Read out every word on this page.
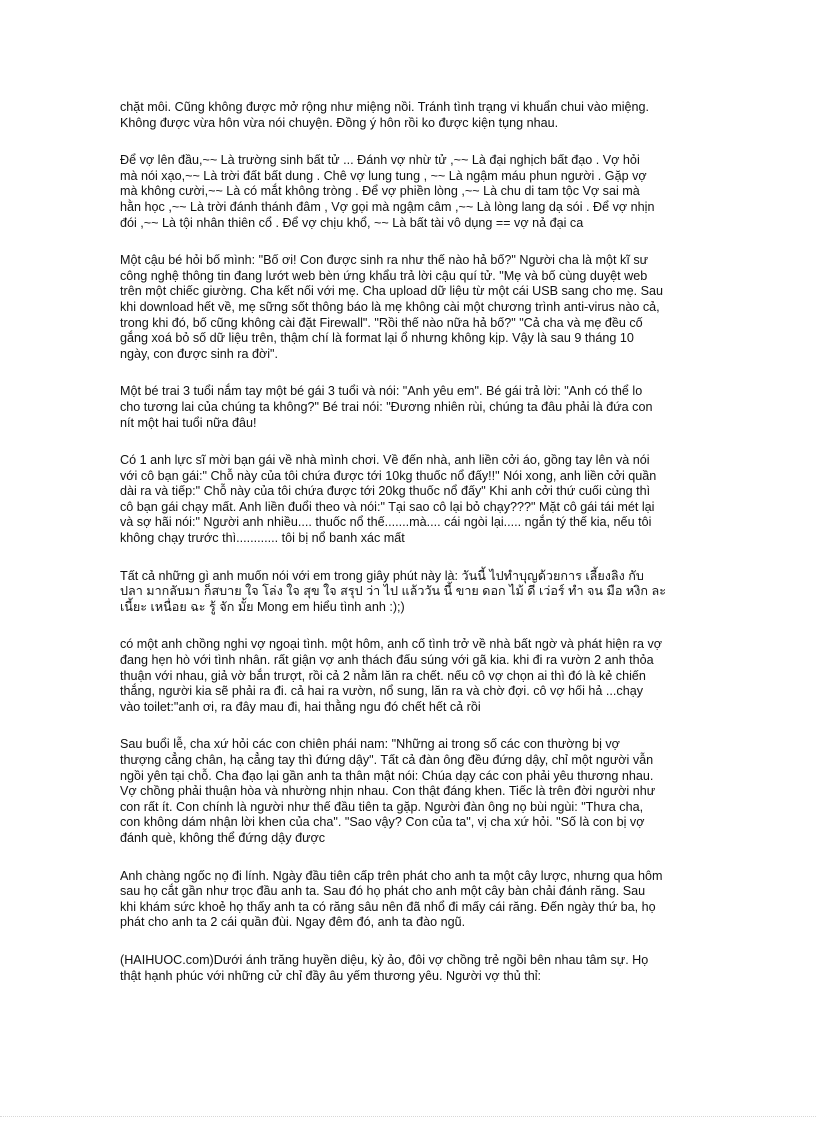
chặt môi. Cũng không được mở rộng như miệng nồi. Tránh tình trạng vi khuẩn chui vào miệng.
Không được vừa hôn vừa nói chuyện. Đồng ý hôn rồi ko được kiện tụng nhau.

Để vợ lên đầu,~~ Là trường sinh bất tử ... Đánh vợ nhừ tử ,~~ Là đại nghịch bất đạo . Vợ hỏi
mà nói xạo,~~ Là trời đất bất dung . Chê vợ lung tung , ~~ Là ngậm máu phun người . Gặp vợ
mà không cười,~~ Là có mắt không tròng . Để vợ phiền lòng ,~~ Là chu di tam tộc Vợ sai mà
hằn học ,~~ Là trời đánh thánh đâm , Vợ gọi mà ngậm câm ,~~ Là lòng lang dạ sói . Để vợ nhịn
đói ,~~ Là tội nhân thiên cổ . Để vợ chịu khổ, ~~ Là bất tài vô dụng == vợ nả đại ca

Một cậu bé hỏi bố mình: "Bố ơi! Con được sinh ra như thế nào hả bố?" Người cha là một kĩ sư
công nghệ thông tin đang lướt web bèn ứng khẩu trả lời cậu quí tử. "Mẹ và bố cùng duyệt web
trên một chiếc giường. Cha kết nối với mẹ. Cha upload dữ liệu từ một cái USB sang cho mẹ. Sau
khi download hết về, mẹ sững sốt thông báo là mẹ không cài một chương trình anti-virus nào cả,
trong khi đó, bố cũng không cài đặt Firewall". "Rồi thế nào nữa hả bố?" "Cả cha và mẹ đều cố
gắng xoá bỏ số dữ liệu trên, thậm chí là format lại ổ nhưng không kịp. Vậy là sau 9 tháng 10
ngày, con được sinh ra đời".

Một bé trai 3 tuổi nắm tay một bé gái 3 tuổi và nói: "Anh yêu em". Bé gái trả lời: "Anh có thể lo
cho tương lai của chúng ta không?" Bé trai nói: "Đương nhiên rùi, chúng ta đâu phải là đứa con
nít một hai tuổi nữa đâu!

Có 1 anh lực sĩ mời bạn gái về nhà mình chơi. Về đến nhà, anh liền cởi áo, gồng tay lên và nói
với cô bạn gái:" Chỗ này của tôi chứa được tới 10kg thuốc nổ đấy!!" Nói xong, anh liền cởi quần
dài ra và tiếp:" Chỗ này của tôi chứa được tới 20kg thuốc nổ đấy" Khi anh cởi thứ cuối cùng thì
cô bạn gái chạy mất. Anh liền đuổi theo và nói:" Tại sao cô lại bỏ chạy???" Mặt cô gái tái mét lại
và sợ hãi nói:" Người anh nhiều.... thuốc nổ thế.......mà.... cái ngòi lại..... ngắn tý thế kia, nếu tôi
không chạy trước thì............ tôi bị nổ banh xác mất

Tất cả những gì anh muốn nói với em trong giây phút này là: วันนี้ ไปทำบุญด้วยการ เลี้ยงลิง กับ
ปลา มากลับมา ก็สบาย ใจ โล่ง ใจ สุข ใจ สรุป ว่า ไป แล้ววัน นี้ ขาย ดอก ไม้ ดี เว่อร์ ทำ จน มือ หงิก ละ
เนี้ยะ เหนื่อย ฉะ รู้ จัก มั้ย Mong em hiểu tình anh :);)

có một anh chồng nghi vợ ngoại tình. một hôm, anh cố tình trở về nhà bất ngờ và phát hiện ra vợ
đang hẹn hò với tình nhân. rất giận vợ anh thách đấu súng với gã kia. khi đi ra vườn 2 anh thỏa
thuận với nhau, giả vờ bắn trượt, rồi cả 2 nằm lăn ra chết. nếu cô vợ chọn ai thì đó là kẻ chiến
thắng, người kia sẽ phải ra đi. cả hai ra vườn, nổ sung, lăn ra và chờ đợi. cô vợ hối hả ...chạy
vào toilet:"anh ơi, ra đây mau đi, hai thằng ngu đó chết hết cả rồi

Sau buổi lễ, cha xứ hỏi các con chiên phái nam: "Những ai trong số các con thường bị vợ
thượng cẳng chân, hạ cẳng tay thì đứng dậy". Tất cả đàn ông đều đứng dậy, chỉ một người vẫn
ngồi yên tại chỗ. Cha đạo lại gần anh ta thân mật nói: Chúa dạy các con phải yêu thương nhau.
Vợ chồng phải thuận hòa và nhường nhịn nhau. Con thật đáng khen. Tiếc là trên đời người như
con rất ít. Con chính là người như thế đầu tiên ta gặp. Người đàn ông nọ bùi ngùi: "Thưa cha,
con không dám nhận lời khen của cha". "Sao vậy? Con của ta", vị cha xứ hỏi. "Số là con bị vợ
đánh què, không thể đứng dậy được

Anh chàng ngốc nọ đi lính. Ngày đầu tiên cấp trên phát cho anh ta một cây lược, nhưng qua hôm
sau họ cắt gần như trọc đầu anh ta. Sau đó họ phát cho anh một cây bàn chải đánh răng. Sau
khi khám sức khoẻ họ thấy anh ta có răng sâu nên đã nhổ đi mấy cái răng. Đến ngày thứ ba, họ
phát cho anh ta 2 cái quần đùi. Ngay đêm đó, anh ta đào ngũ.

(HAIHUOC.com)Dưới ánh trăng huyền diệu, kỳ ảo, đôi vợ chồng trẻ ngồi bên nhau tâm sự. Họ
thật hạnh phúc với những cử chỉ đầy âu yếm thương yêu. Người vợ thủ thỉ:
